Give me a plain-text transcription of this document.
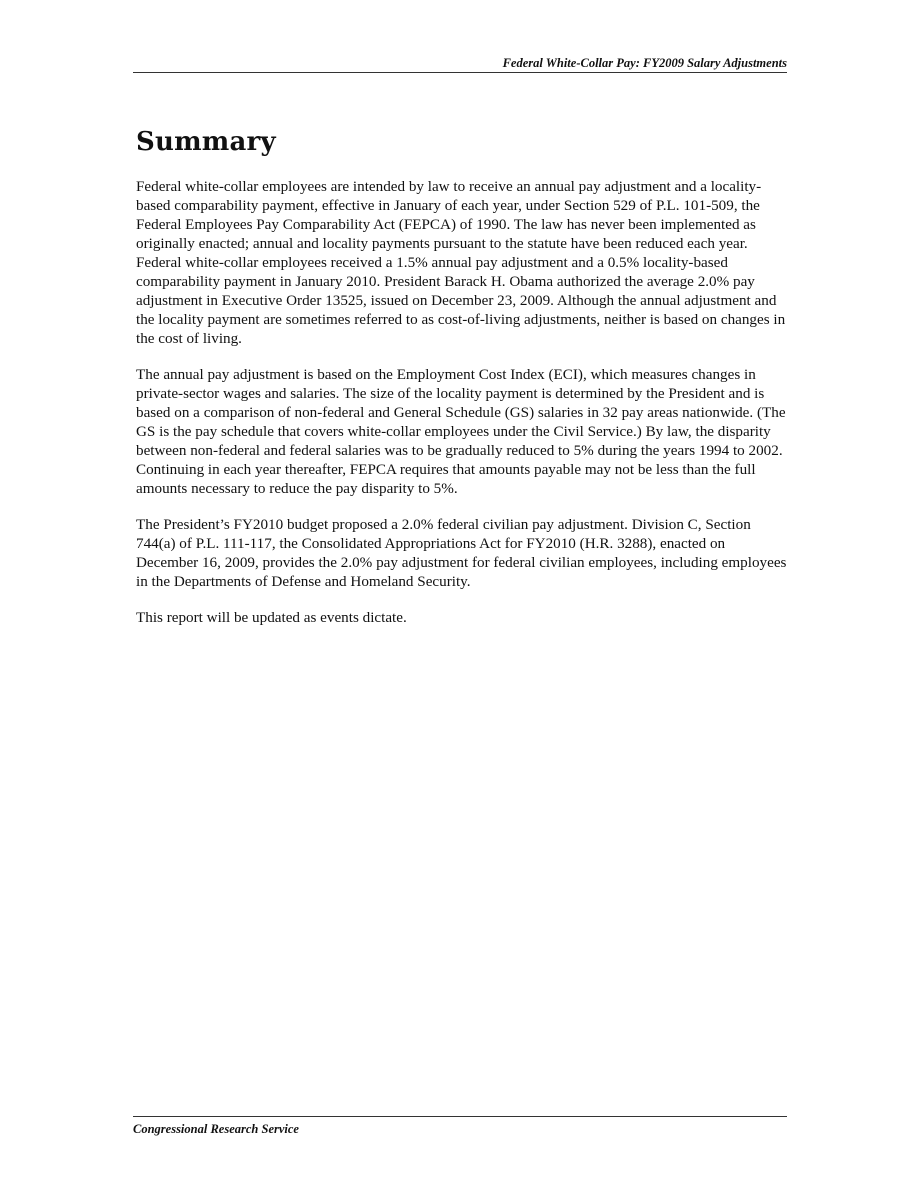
Federal White-Collar Pay: FY2009 Salary Adjustments
Summary

Federal white-collar employees are intended by law to receive an annual pay adjustment and a locality-based comparability payment, effective in January of each year, under Section 529 of P.L. 101-509, the Federal Employees Pay Comparability Act (FEPCA) of 1990. The law has never been implemented as originally enacted; annual and locality payments pursuant to the statute have been reduced each year. Federal white-collar employees received a 1.5% annual pay adjustment and a 0.5% locality-based comparability payment in January 2010. President Barack H. Obama authorized the average 2.0% pay adjustment in Executive Order 13525, issued on December 23, 2009. Although the annual adjustment and the locality payment are sometimes referred to as cost-of-living adjustments, neither is based on changes in the cost of living.

The annual pay adjustment is based on the Employment Cost Index (ECI), which measures changes in private-sector wages and salaries. The size of the locality payment is determined by the President and is based on a comparison of non-federal and General Schedule (GS) salaries in 32 pay areas nationwide. (The GS is the pay schedule that covers white-collar employees under the Civil Service.) By law, the disparity between non-federal and federal salaries was to be gradually reduced to 5% during the years 1994 to 2002. Continuing in each year thereafter, FEPCA requires that amounts payable may not be less than the full amounts necessary to reduce the pay disparity to 5%.

The President’s FY2010 budget proposed a 2.0% federal civilian pay adjustment. Division C, Section 744(a) of P.L. 111-117, the Consolidated Appropriations Act for FY2010 (H.R. 3288), enacted on December 16, 2009, provides the 2.0% pay adjustment for federal civilian employees, including employees in the Departments of Defense and Homeland Security.

This report will be updated as events dictate.

Congressional Research Service
